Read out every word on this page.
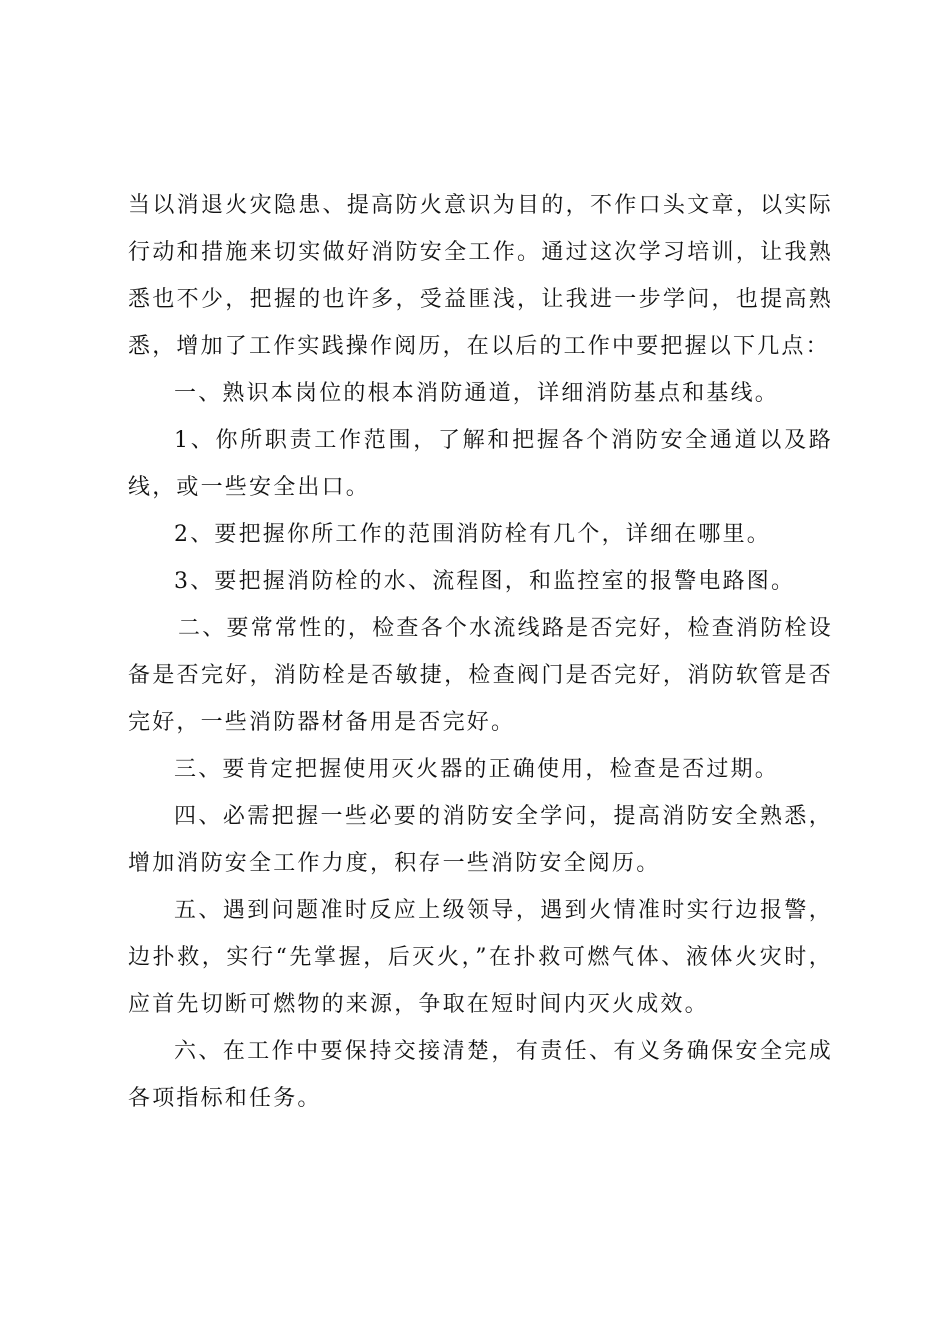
当以消退火灾隐患、提高防火意识为目的，不作口头文章，以实际行动和措施来切实做好消防安全工作。通过这次学习培训，让我熟悉也不少，把握的也许多，受益匪浅，让我进一步学问，也提高熟悉，增加了工作实践操作阅历，在以后的工作中要把握以下几点：

一、熟识本岗位的根本消防通道，详细消防基点和基线。

1、你所职责工作范围，了解和把握各个消防安全通道以及路线，或一些安全出口。

2、要把握你所工作的范围消防栓有几个，详细在哪里。

3、要把握消防栓的水、流程图，和监控室的报警电路图。

二、要常常性的，检查各个水流线路是否完好，检查消防栓设备是否完好，消防栓是否敏捷，检查阀门是否完好，消防软管是否完好，一些消防器材备用是否完好。

三、要肯定把握使用灭火器的正确使用，检查是否过期。

四、必需把握一些必要的消防安全学问，提高消防安全熟悉，增加消防安全工作力度，积存一些消防安全阅历。

五、遇到问题准时反应上级领导，遇到火情准时实行边报警，边扑救，实行“先掌握，后灭火，”在扑救可燃气体、液体火灾时，应首先切断可燃物的来源，争取在短时间内灭火成效。

六、在工作中要保持交接清楚，有责任、有义务确保安全完成各项指标和任务。
